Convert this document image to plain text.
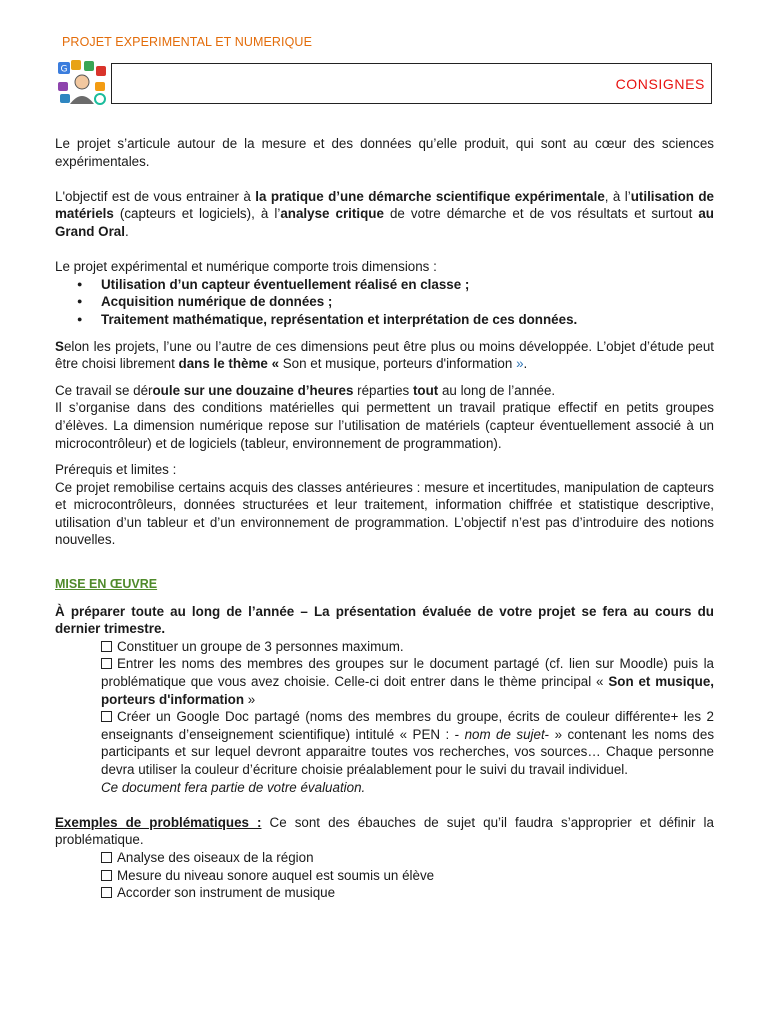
PROJET EXPERIMENTAL ET NUMERIQUE
G
CONSIGNES

Le projet s’articule autour de la mesure et des données qu’elle produit, qui sont au cœur des sciences expérimentales.

L'objectif est de vous entrainer à la pratique d’une démarche scientifique expérimentale, à l’utilisation de matériels (capteurs et logiciels), à l’analyse critique de votre démarche et de vos résultats et surtout au Grand Oral.

Le projet expérimental et numérique comporte trois dimensions :

● Utilisation d’un capteur éventuellement réalisé en classe ;
● Acquisition numérique de données ;
● Traitement mathématique, représentation et interprétation de ces données.

Selon les projets, l’une ou l’autre de ces dimensions peut être plus ou moins développée. L’objet d’étude peut être choisi librement dans le thème « Son et musique, porteurs d'information ».

Ce travail se déroule sur une douzaine d’heures réparties tout au long de l’année.

Il s’organise dans des conditions matérielles qui permettent un travail pratique effectif en petits groupes d’élèves. La dimension numérique repose sur l’utilisation de matériels (capteur éventuellement associé à un microcontrôleur) et de logiciels (tableur, environnement de programmation).

Prérequis et limites :

Ce projet remobilise certains acquis des classes antérieures : mesure et incertitudes, manipulation de capteurs et microcontrôleurs, données structurées et leur traitement, information chiffrée et statistique descriptive, utilisation d’un tableur et d’un environnement de programmation. L’objectif n’est pas d’introduire des notions nouvelles.

MISE EN ŒUVRE

À préparer toute au long de l’année – La présentation évaluée de votre projet se fera au cours du dernier trimestre.

Constituer un groupe de 3 personnes maximum.

Entrer les noms des membres des groupes sur le document partagé (cf. lien sur Moodle) puis la problématique que vous avez choisie. Celle-ci doit entrer dans le thème principal « Son et musique, porteurs d'information »

Créer un Google Doc partagé (noms des membres du groupe, écrits de couleur différente+ les 2 enseignants d’enseignement scientifique) intitulé « PEN : - nom de sujet- » contenant les noms des participants et sur lequel devront apparaitre toutes vos recherches, vos sources… Chaque personne devra utiliser la couleur d’écriture choisie préalablement pour le suivi du travail individuel.

Ce document fera partie de votre évaluation.

Exemples de problématiques : Ce sont des ébauches de sujet qu’il faudra s’approprier et définir la problématique.

Analyse des oiseaux de la région

Mesure du niveau sonore auquel est soumis un élève

Accorder son instrument de musique
